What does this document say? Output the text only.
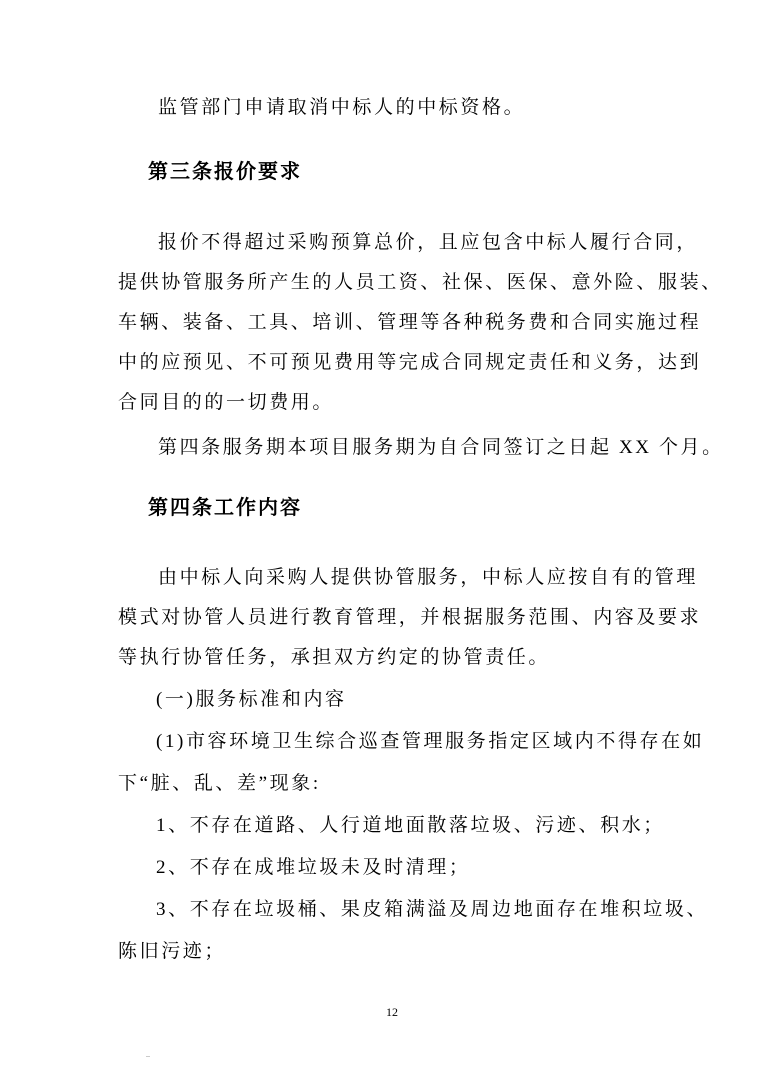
监管部门申请取消中标人的中标资格。
第三条报价要求
报价不得超过采购预算总价，且应包含中标人履行合同，
提供协管服务所产生的人员工资、社保、医保、意外险、服装、
车辆、装备、工具、培训、管理等各种税务费和合同实施过程
中的应预见、不可预见费用等完成合同规定责任和义务，达到
合同目的的一切费用。
第四条服务期本项目服务期为自合同签订之日起 XX 个月。
第四条工作内容
由中标人向采购人提供协管服务，中标人应按自有的管理
模式对协管人员进行教育管理，并根据服务范围、内容及要求
等执行协管任务，承担双方约定的协管责任。
(一)服务标准和内容
(1)市容环境卫生综合巡查管理服务指定区域内不得存在如
下“脏、乱、差”现象:
1、不存在道路、人行道地面散落垃圾、污迹、积水；
2、不存在成堆垃圾未及时清理；
3、不存在垃圾桶、果皮箱满溢及周边地面存在堆积垃圾、
陈旧污迹；
12
..
